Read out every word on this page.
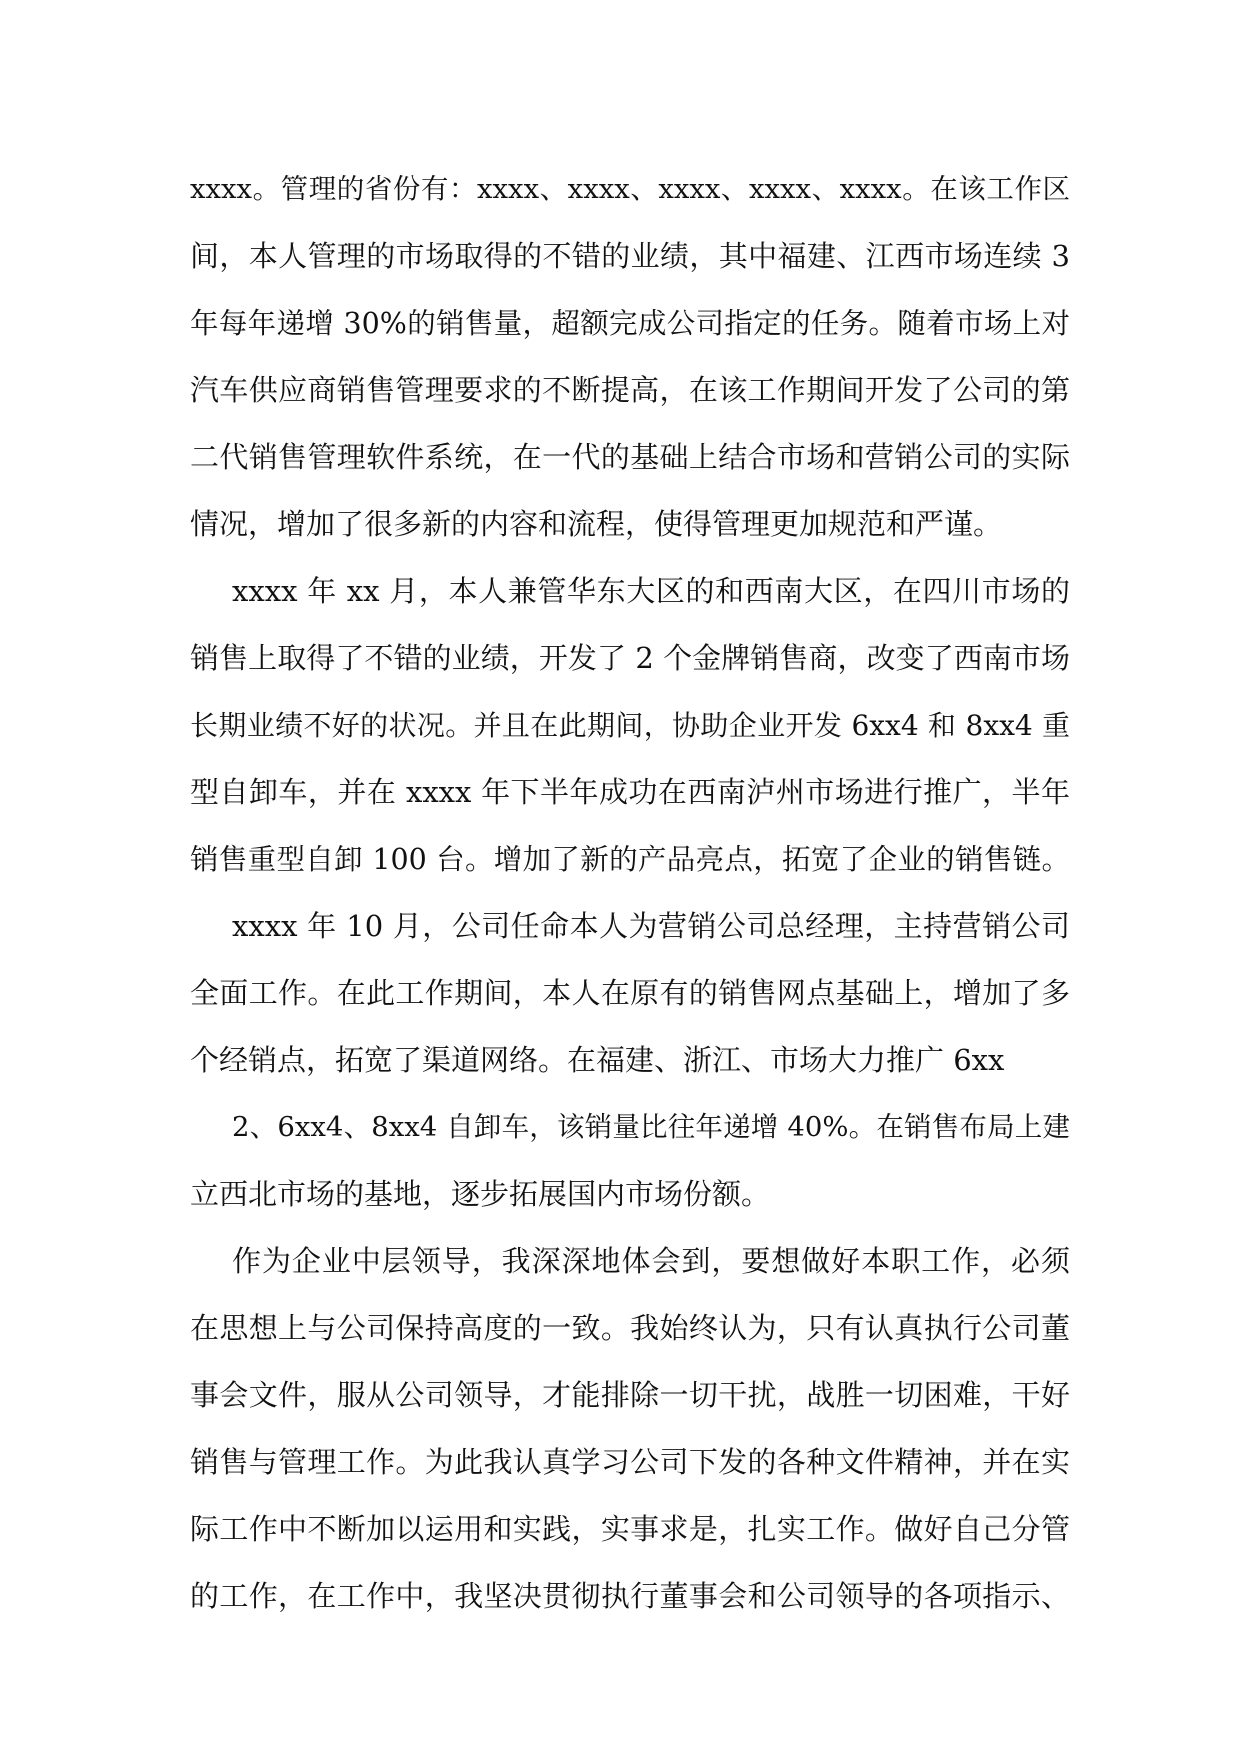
xxxx。管理的省份有：xxxx、xxxx、xxxx、xxxx、xxxx。在该工作区
间，本人管理的市场取得的不错的业绩，其中福建、江西市场连续 3
年每年递增 30%的销售量，超额完成公司指定的任务。随着市场上对
汽车供应商销售管理要求的不断提高，在该工作期间开发了公司的第
二代销售管理软件系统，在一代的基础上结合市场和营销公司的实际
情况，增加了很多新的内容和流程，使得管理更加规范和严谨。
xxxx 年 xx 月，本人兼管华东大区的和西南大区，在四川市场的
销售上取得了不错的业绩，开发了 2 个金牌销售商，改变了西南市场
长期业绩不好的状况。并且在此期间，协助企业开发 6xx4 和 8xx4 重
型自卸车，并在 xxxx 年下半年成功在西南泸州市场进行推广，半年
销售重型自卸 100 台。增加了新的产品亮点，拓宽了企业的销售链。
xxxx 年 10 月，公司任命本人为营销公司总经理，主持营销公司
全面工作。在此工作期间，本人在原有的销售网点基础上，增加了多
个经销点，拓宽了渠道网络。在福建、浙江、市场大力推广 6xx
2、6xx4、8xx4 自卸车，该销量比往年递增 40%。在销售布局上建
立西北市场的基地，逐步拓展国内市场份额。
作为企业中层领导，我深深地体会到，要想做好本职工作，必须
在思想上与公司保持高度的一致。我始终认为，只有认真执行公司董
事会文件，服从公司领导，才能排除一切干扰，战胜一切困难，干好
销售与管理工作。为此我认真学习公司下发的各种文件精神，并在实
际工作中不断加以运用和实践，实事求是，扎实工作。做好自己分管
的工作，在工作中，我坚决贯彻执行董事会和公司领导的各项指示、
